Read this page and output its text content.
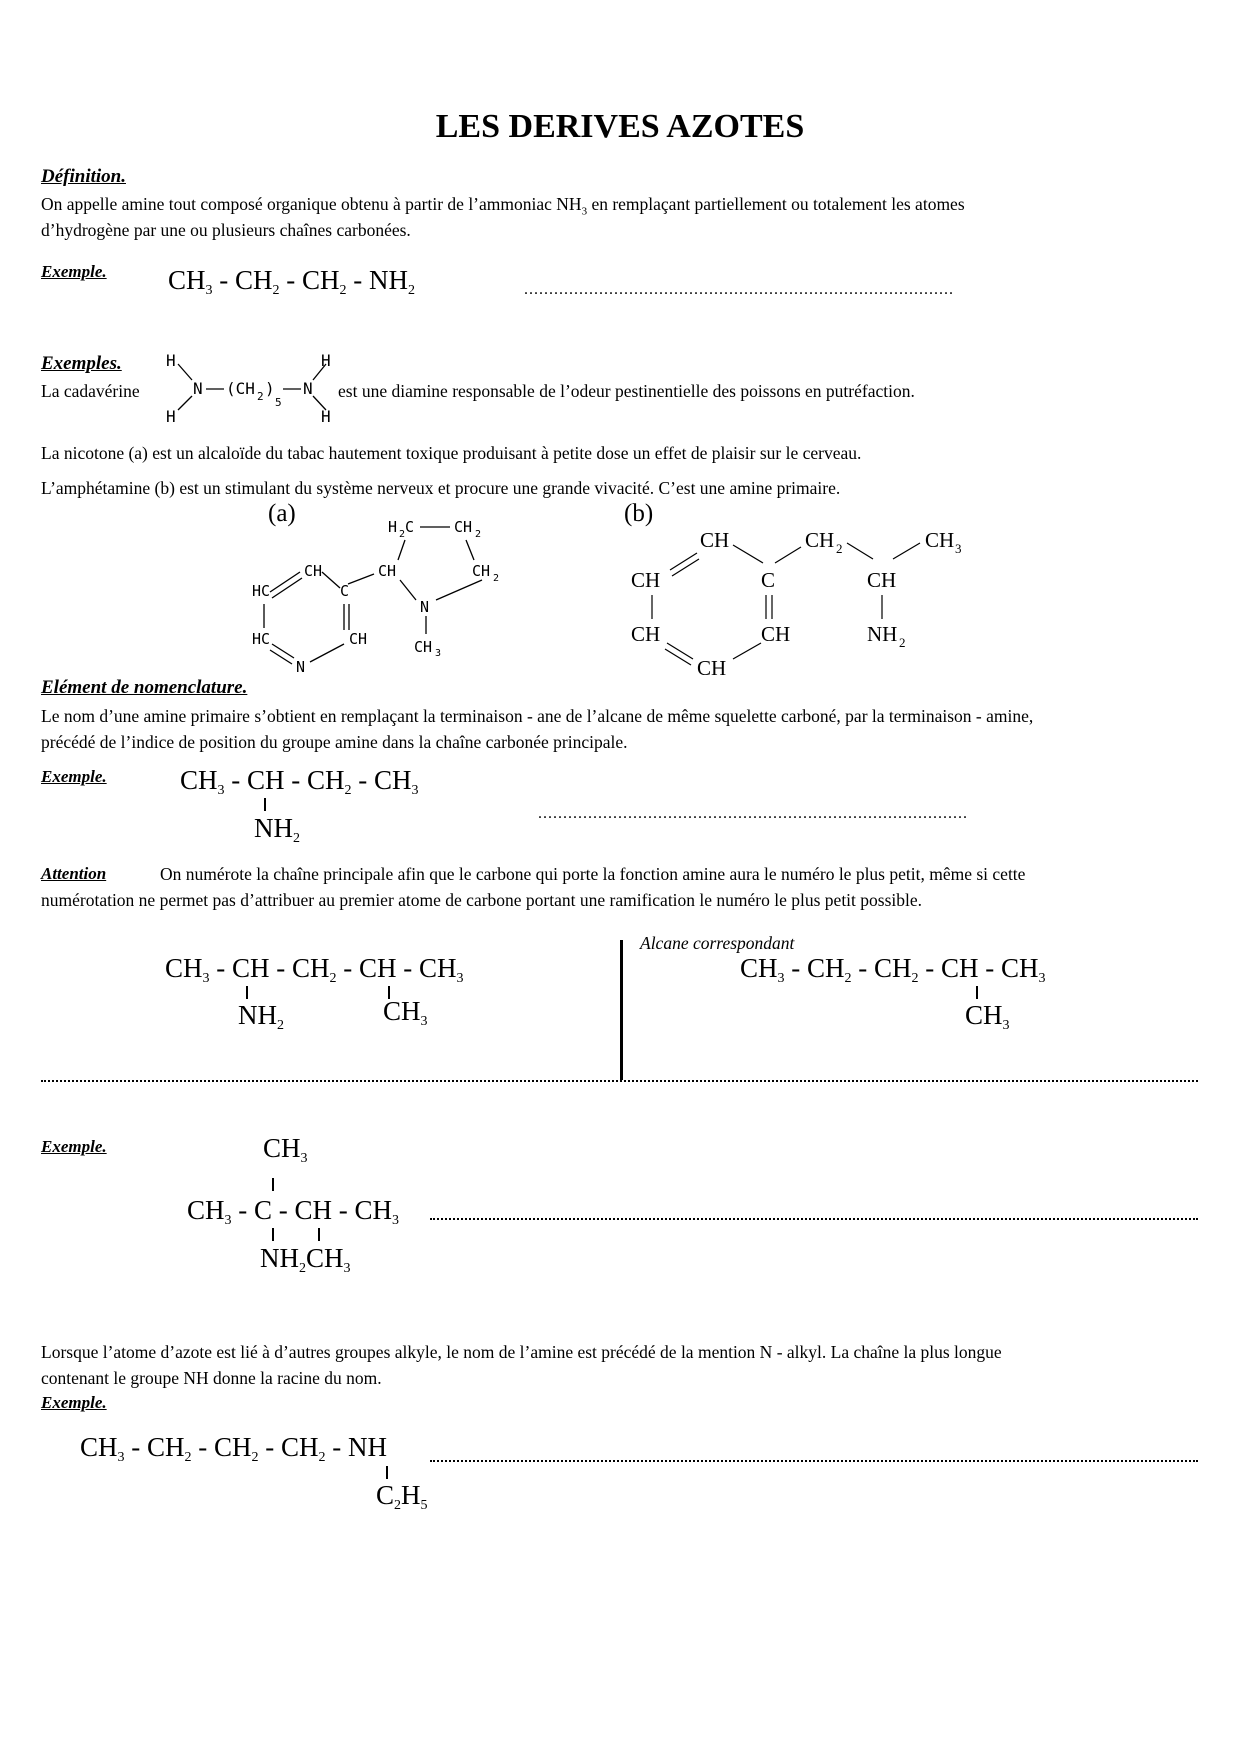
LES DERIVES AZOTES
Définition.
On appelle amine tout composé organique obtenu à partir de l’ammoniac $NH_3$ en remplaçant partiellement ou totalement les atomes
d’hydrogène par une ou plusieurs chaînes carbonées.
Exemple. $CH_3 - CH_2 - CH_2 - NH_2$	......................................................................................
Exemples.
La cadavérine
H
H
N (CH 2 )
5
N
H
H
est une diamine responsable de l’odeur pestinentielle des poissons en putréfaction.
La nicotone (a) est un alcaloïde du tabac hautement toxique produisant à petite dose un effet de plaisir sur le cerveau.
L’amphétamine (b) est un stimulant du système nerveux et procure une grande vivacité. C’est une amine primaire.
(a)	(b)
H 2 C	CH 2
CH	CH 2
N
CH 3
CH
C
HC
HC	CH
N
CH	CH 2	CH 3
CH	C	CH
CH	CH	NH 2
CH
Elément de nomenclature.
Le nom d’une amine primaire s’obtient en remplaçant la terminaison - ane de l’alcane de même squelette carboné, par la terminaison - amine,
précédé de l’indice de position du groupe amine dans la chaîne carbonée principale.
Exemple.	$CH_3$ - CH - $CH_2 - CH_3$
$NH_2$
......................................................................................
Attention	On numérote la chaîne principale afin que le carbone qui porte la fonction amine aura le numéro le plus petit, même si cette
numérotation ne permet pas d’attribuer au premier atome de carbone portant une ramification le numéro le plus petit possible.
$CH_3$ - CH - $CH_2$ - CH - $CH_3$
$NH_2$	$CH_3$
Alcane correspondant
$CH_3 - CH_2 - CH_2$ - CH - $CH_3$
$CH_3$
Exemple.	$CH_3$
$CH_3$ - C - CH - $CH_3$
$NH_2CH_3$
Lorsque l’atome d’azote est lié à d’autres groupes alkyle, le nom de l’amine est précédé de la mention N - alkyl. La chaîne la plus longue
contenant le groupe NH donne la racine du nom.
Exemple.
$CH_3 - CH_2 - CH_2 - CH_2$ - NH
$C_2H_5$
